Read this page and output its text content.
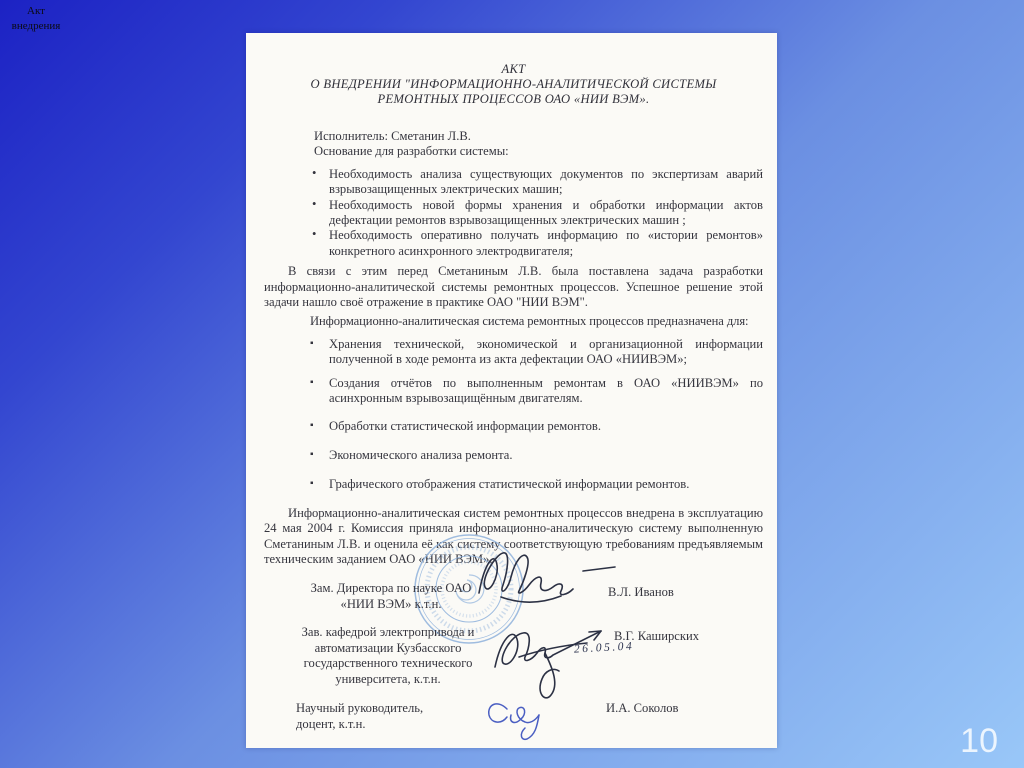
Акт внедрения
АКТ
О ВНЕДРЕНИИ "ИНФОРМАЦИОННО-АНАЛИТИЧЕСКОЙ СИСТЕМЫ
РЕМОНТНЫХ ПРОЦЕССОВ ОАО «НИИ ВЭМ».
Исполнитель: Сметанин Л.В.
Основание для разработки системы:
• Необходимость анализа существующих документов по экспертизам аварий взрывозащищенных электрических машин;
• Необходимость новой формы хранения и обработки информации актов дефектации ремонтов взрывозащищенных электрических машин ;
• Необходимость оперативно получать информацию по «истории ремонтов» конкретного асинхронного электродвигателя;

В связи с этим перед Сметаниным Л.В. была поставлена задача разработки информационно-аналитической системы ремонтных процессов. Успешное решение этой задачи нашло своё отражение в практике ОАО "НИИ ВЭМ".

Информационно-аналитическая система ремонтных процессов предназначена для:

▪ Хранения технической, экономической и организационной информации полученной в ходе ремонта из акта дефектации ОАО «НИИВЭМ»;
▪ Создания отчётов по выполненным ремонтам в ОАО «НИИВЭМ» по асинхронным взрывозащищённым двигателям.
▪ Обработки статистической информации ремонтов.
▪ Экономического анализа ремонта.
▪ Графического отображения статистической информации ремонтов.

Информационно-аналитическая систем ремонтных процессов внедрена в эксплуатацию 24 мая 2004 г. Комиссия приняла информационно-аналитическую систему выполненную Сметаниным Л.В. и оценила её как систему соответствующую требованиям предъявляемым техническим заданием ОАО «НИИ ВЭМ».

Зам. Директора по науке ОАО «НИИ ВЭМ» к.т.н.
В.Л. Иванов
26.05.04
Зав. кафедрой электропривода и автоматизации Кузбасского государственного технического университета, к.т.н.
В.Г. Каширских
Научный руководитель, доцент, к.т.н.
И.А. Соколов
10
